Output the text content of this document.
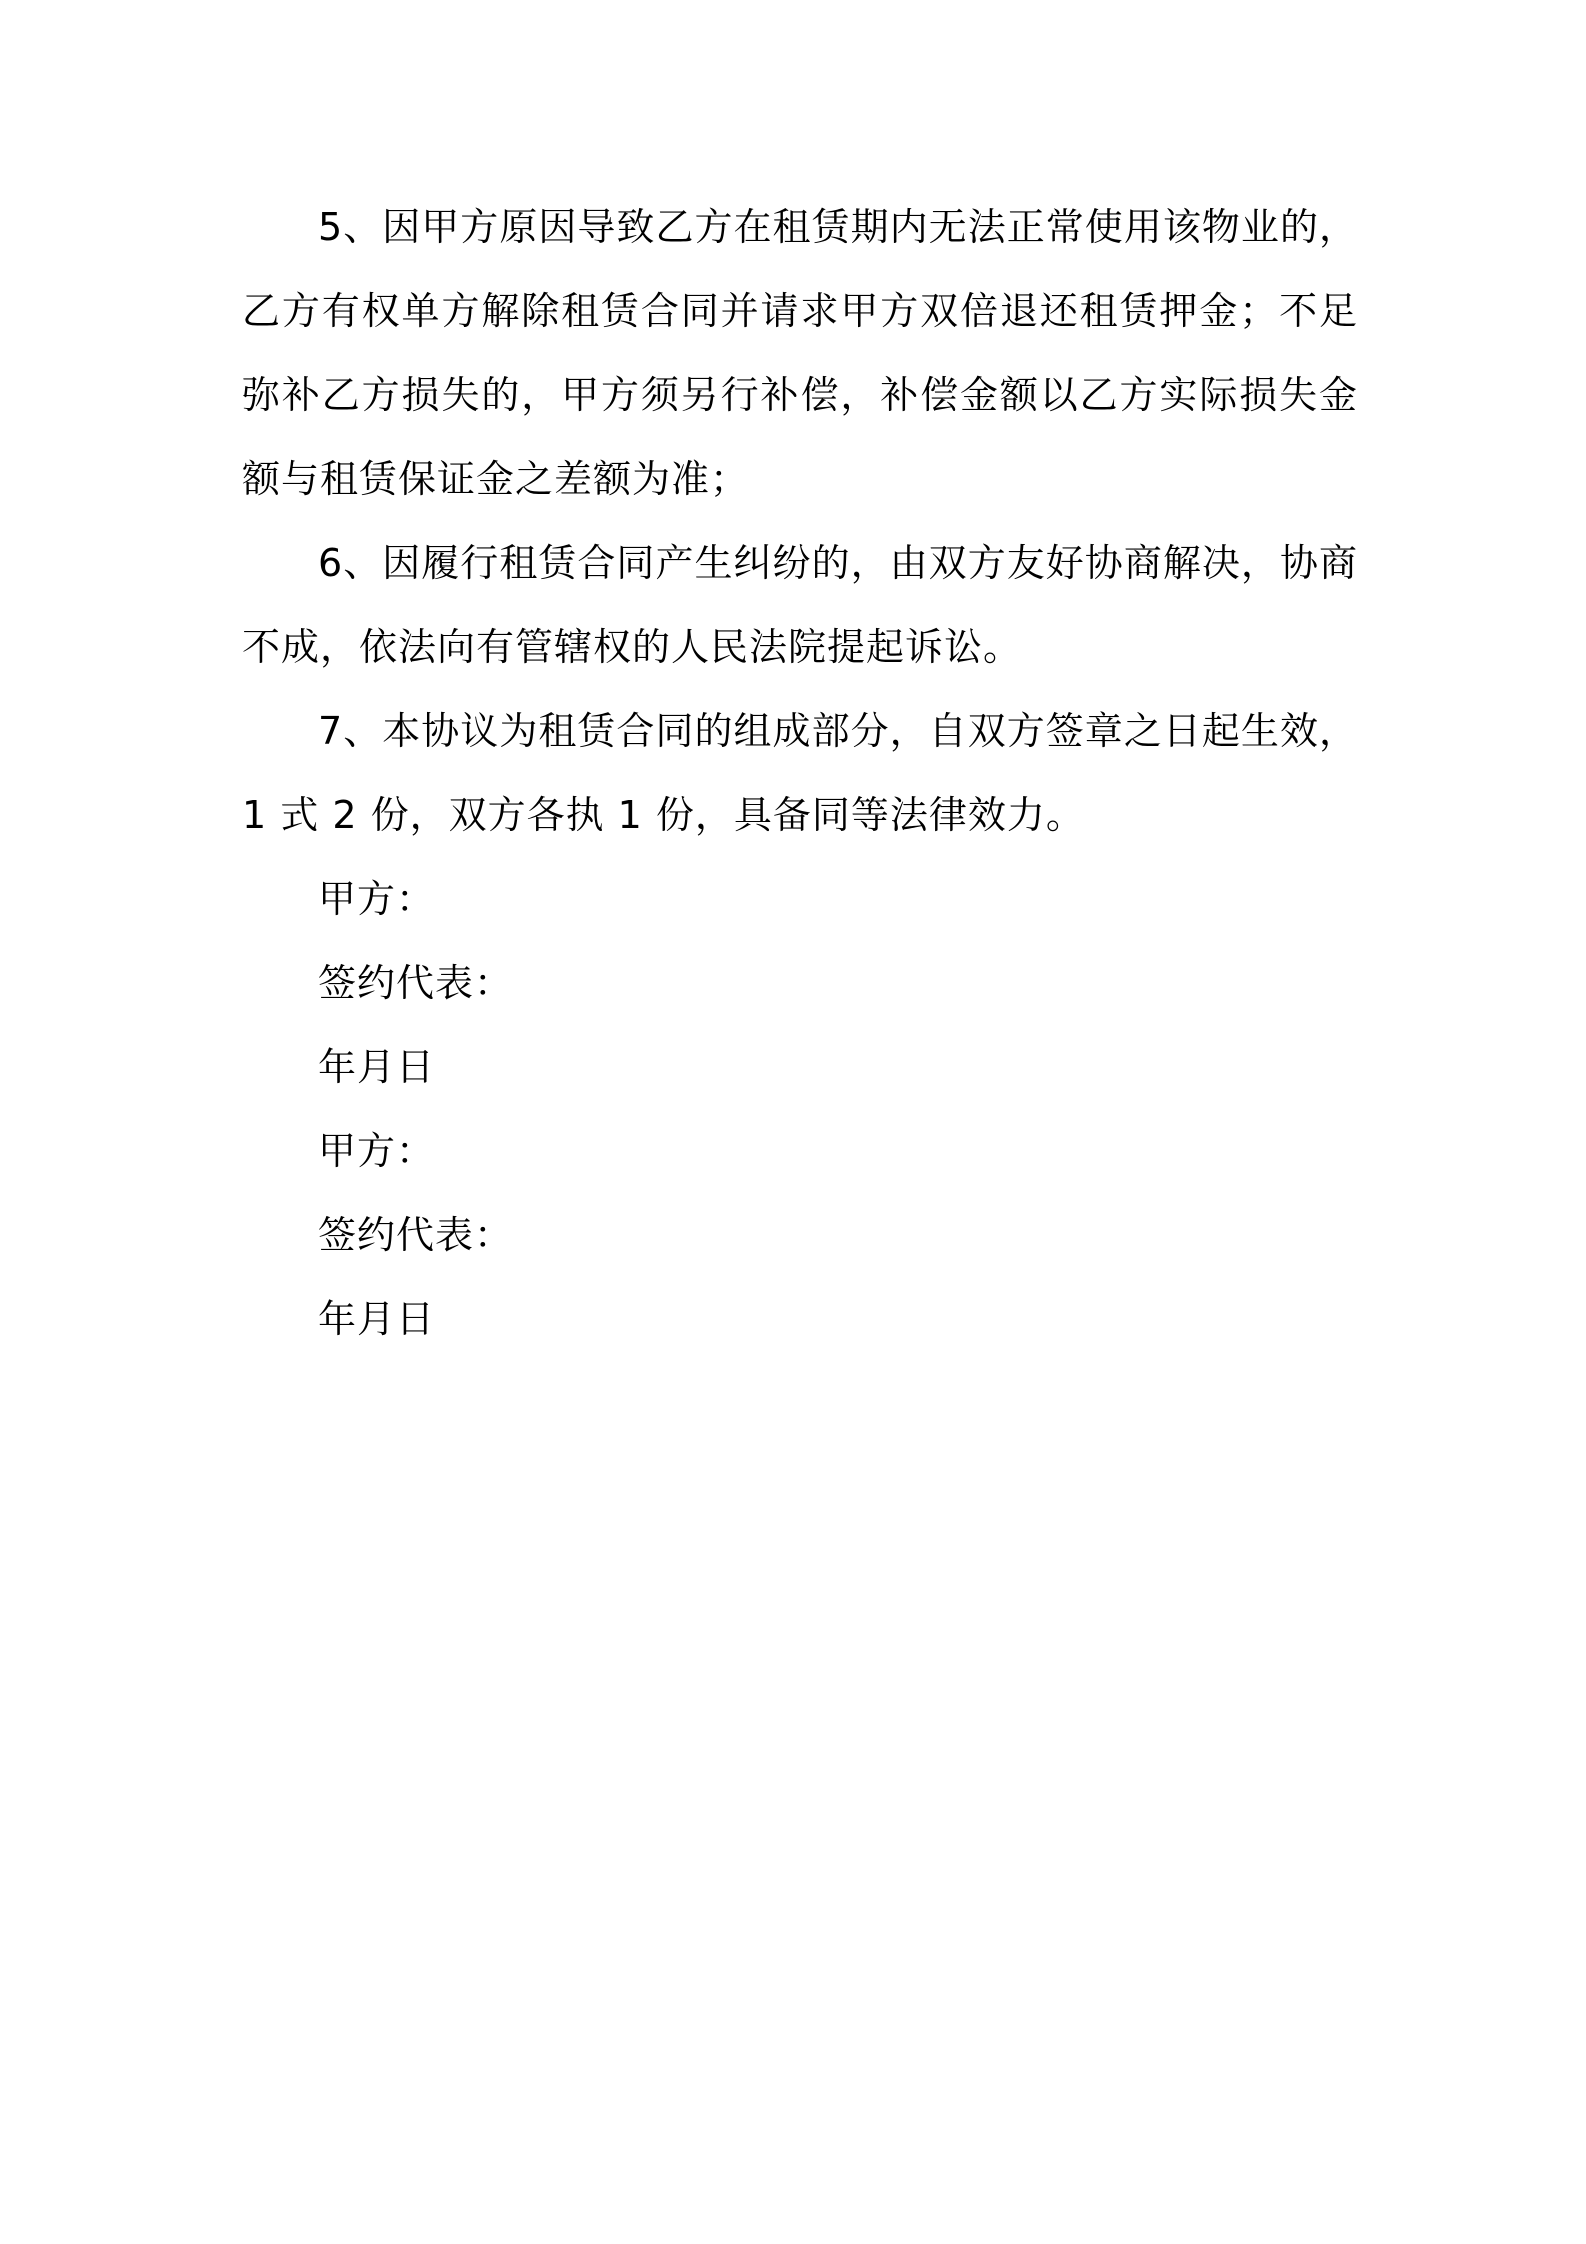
5、因甲方原因导致乙方在租赁期内无法正常使用该物业的，乙方有权单方解除租赁合同并请求甲方双倍退还租赁押金；不足弥补乙方损失的，甲方须另行补偿，补偿金额以乙方实际损失金额与租赁保证金之差额为准；

6、因履行租赁合同产生纠纷的，由双方友好协商解决，协商不成，依法向有管辖权的人民法院提起诉讼。

7、本协议为租赁合同的组成部分，自双方签章之日起生效，1 式 2 份，双方各执 1 份，具备同等法律效力。

甲方：

签约代表：

年月日

甲方：

签约代表：

年月日
